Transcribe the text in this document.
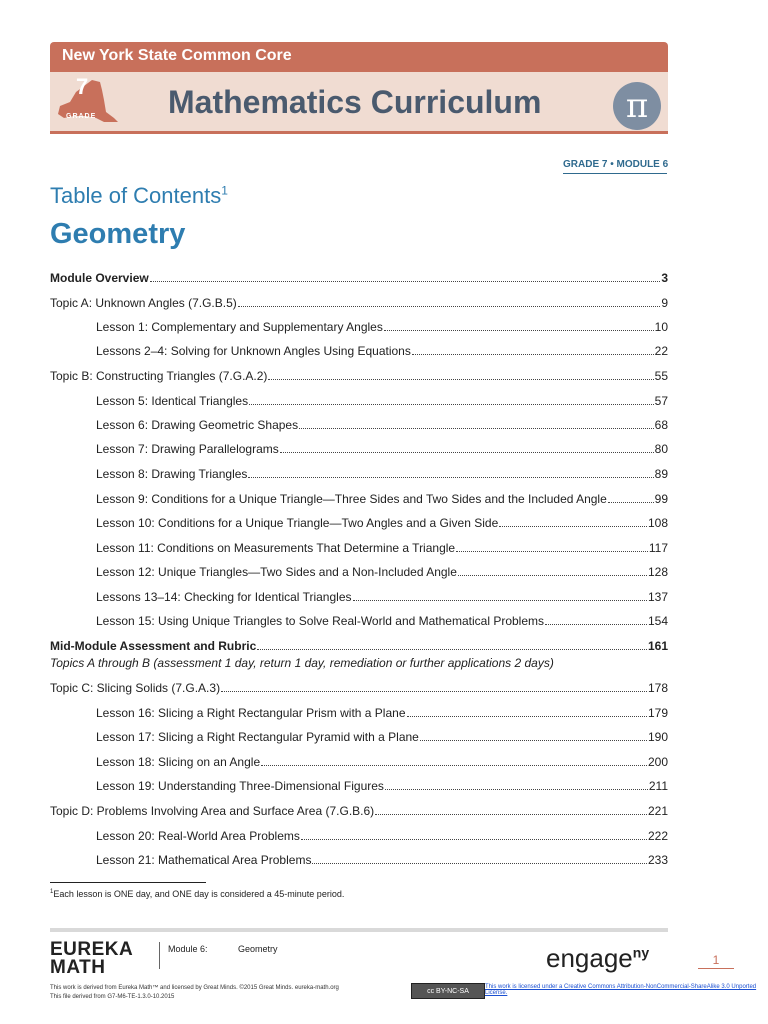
New York State Common Core
7
GRADE Mathematics Curriculum	π
GRADE 7 • MODULE 6
Table of Contents$^1$
Geometry
Module Overview	3
Topic A: Unknown Angles (7.G.B.5)	9
Lesson 1: Complementary and Supplementary Angles	10
Lessons 2–4: Solving for Unknown Angles Using Equations	22
Topic B: Constructing Triangles (7.G.A.2)	55
Lesson 5: Identical Triangles	57
Lesson 6: Drawing Geometric Shapes	68
Lesson 7: Drawing Parallelograms	80
Lesson 8: Drawing Triangles	89
Lesson 9: Conditions for a Unique Triangle—Three Sides and Two Sides and the Included Angle	99
Lesson 10: Conditions for a Unique Triangle—Two Angles and a Given Side	108
Lesson 11: Conditions on Measurements That Determine a Triangle	117
Lesson 12: Unique Triangles—Two Sides and a Non-Included Angle	128
Lessons 13–14: Checking for Identical Triangles	137
Lesson 15: Using Unique Triangles to Solve Real-World and Mathematical Problems	154
Mid-Module Assessment and Rubric	161
Topics A through B (assessment 1 day, return 1 day, remediation or further applications 2 days)
Topic C: Slicing Solids (7.G.A.3)	178
Lesson 16: Slicing a Right Rectangular Prism with a Plane	179
Lesson 17: Slicing a Right Rectangular Pyramid with a Plane	190
Lesson 18: Slicing on an Angle	200
Lesson 19: Understanding Three-Dimensional Figures	211
Topic D: Problems Involving Area and Surface Area (7.G.B.6)	221
Lesson 20: Real-World Area Problems	222
Lesson 21: Mathematical Area Problems	233
$^1$Each lesson is ONE day, and ONE day is considered a 45-minute period.
EUREKA
MATH
Module 6:	Geometry	engage$^{ny}$	1
This work is derived from Eureka Math™ and licensed by Great Minds. ©2015 Great Minds. eureka-math.org
This file derived from G7-M6-TE-1.3.0-10.2015
cc BY-NC-SA
This work is licensed under a Creative Commons Attribution-NonCommercial-ShareAlike 3.0 Unported License.
